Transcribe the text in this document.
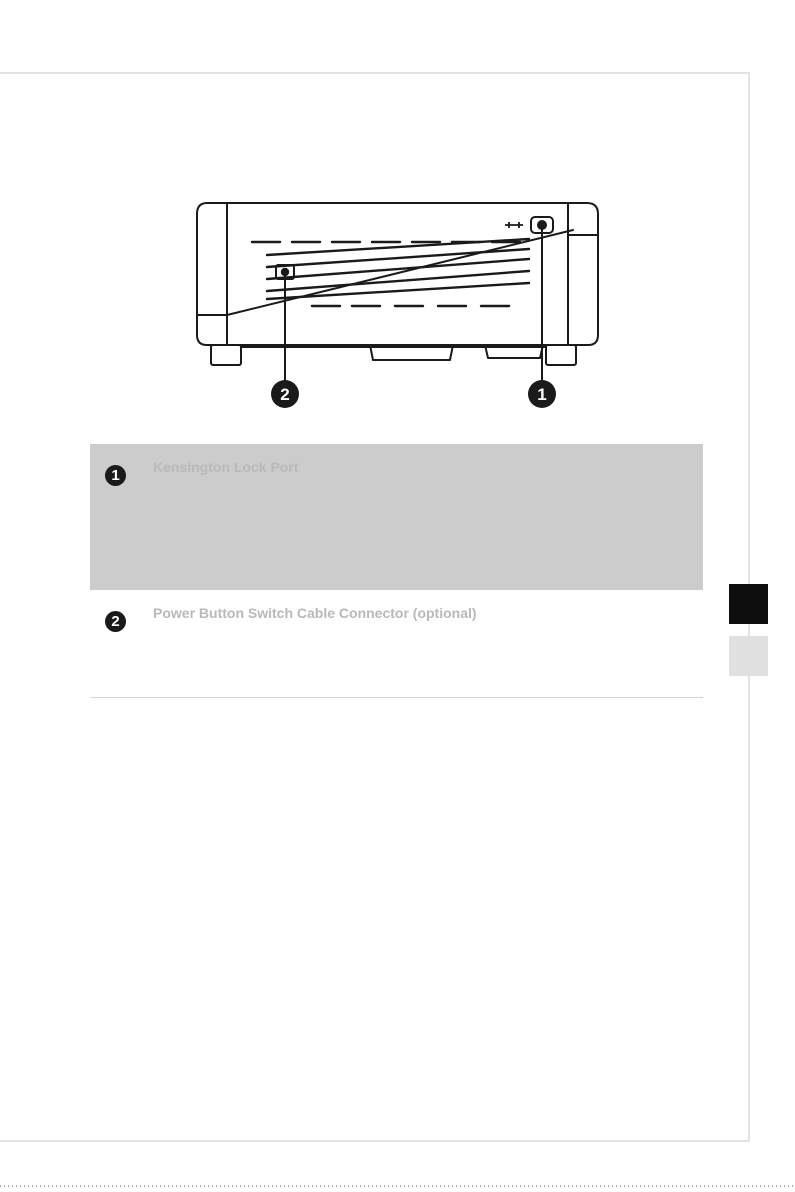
2	1
1	Kensington Lock Port
2	Power Button Switch Cable Connector (optional)
